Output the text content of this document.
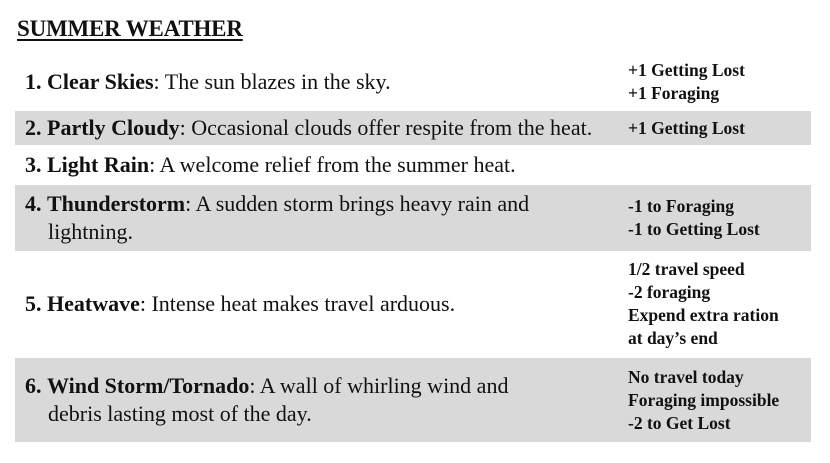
SUMMER WEATHER
1. Clear Skies: The sun blazes in the sky.	+1 Getting Lost
+1 Foraging
2. Partly Cloudy: Occasional clouds offer respite from the heat.	+1 Getting Lost
3. Light Rain: A welcome relief from the summer heat.
4. Thunderstorm: A sudden storm brings heavy rain and
lightning.
-1 to Foraging
-1 to Getting Lost
5. Heatwave: Intense heat makes travel arduous.
1/2 travel speed
-2 foraging
Expend extra ration
at day’s end
6. Wind Storm/Tornado: A wall of whirling wind and
debris lasting most of the day.
No travel today
Foraging impossible
-2 to Get Lost
